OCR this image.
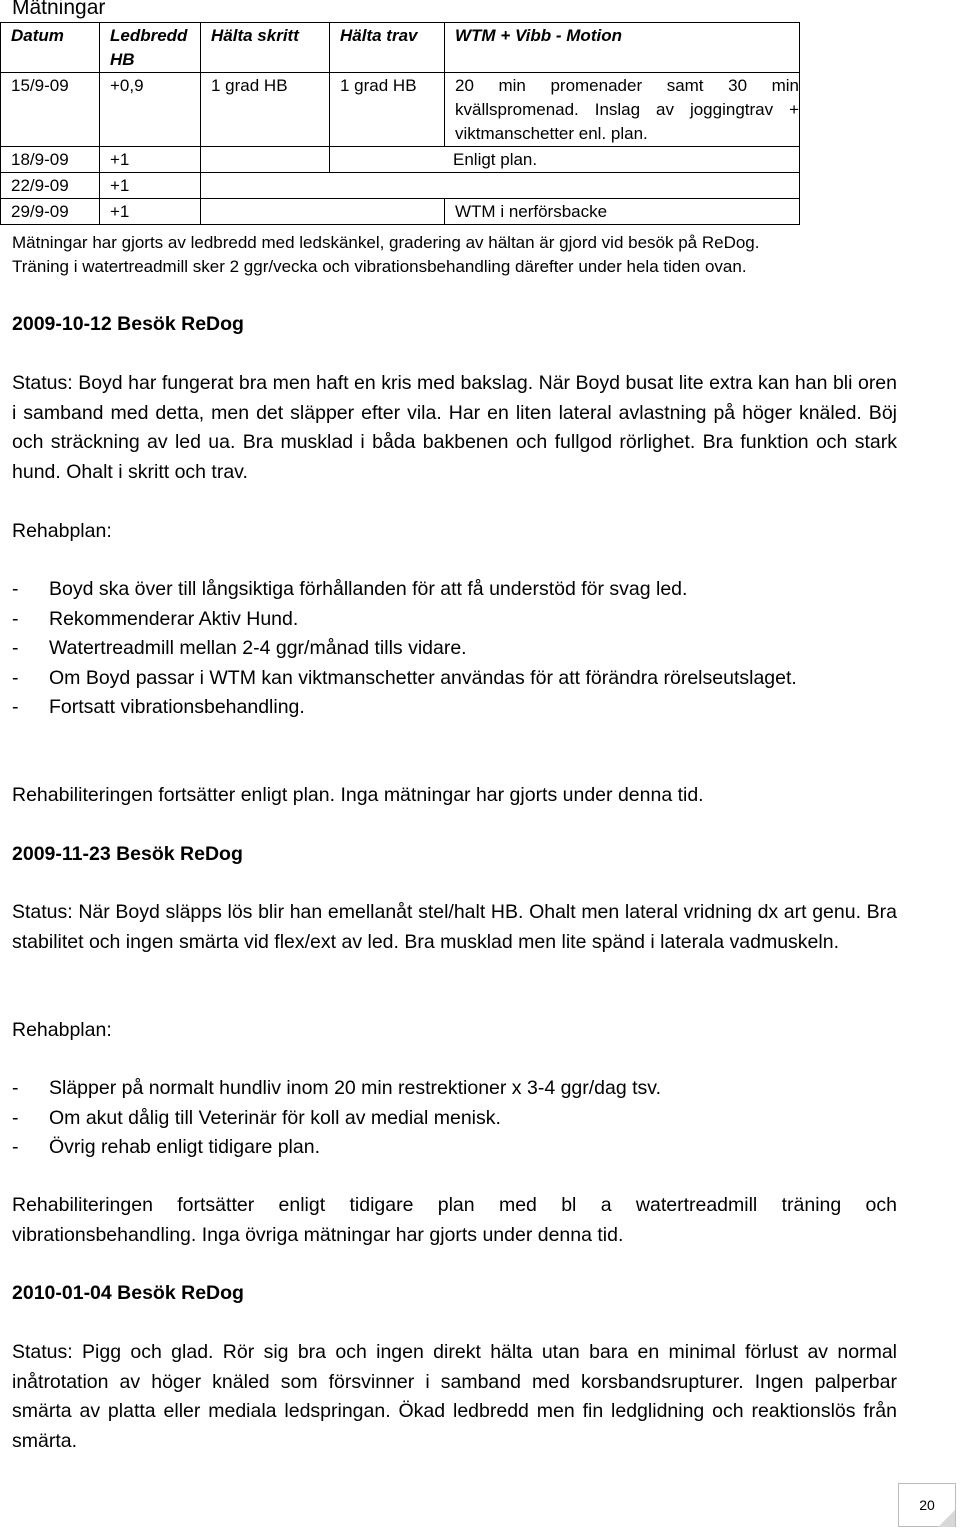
Mätningar
Datum	Ledbredd HB	Hälta skritt	Hälta trav	WTM + Vibb - Motion
15/9-09	+0,9	1 grad HB	1 grad HB	20 min promenader samt 30 min kvällspromenad. Inslag av joggingtrav + viktmanschetter enl. plan.
18/9-09	+1		Enligt plan.	
22/9-09	+1			
29/9-09	+1			WTM i nerförsbacke
Mätningar har gjorts av ledbredd med ledskänkel, gradering av hältan är gjord vid besök på ReDog.
Träning i watertreadmill sker 2 ggr/vecka och vibrationsbehandling därefter under hela tiden ovan.
2009-10-12 Besök ReDog

Status: Boyd har fungerat bra men haft en kris med bakslag. När Boyd busat lite extra kan han bli oren i samband med detta, men det släpper efter vila. Har en liten lateral avlastning på höger knäled. Böj och sträckning av led ua. Bra musklad i båda bakbenen och fullgod rörlighet. Bra funktion och stark hund. Ohalt i skritt och trav.

Rehabplan:
- Boyd ska över till långsiktiga förhållanden för att få understöd för svag led.
- Rekommenderar Aktiv Hund.
- Watertreadmill mellan 2-4 ggr/månad tills vidare.
- Om Boyd passar i WTM kan viktmanschetter användas för att förändra rörelseutslaget.
- Fortsatt vibrationsbehandling.
Rehabiliteringen fortsätter enligt plan. Inga mätningar har gjorts under denna tid.
2009-11-23 Besök ReDog

Status: När Boyd släpps lös blir han emellanåt stel/halt HB. Ohalt men lateral vridning dx art genu. Bra stabilitet och ingen smärta vid flex/ext av led. Bra musklad men lite spänd i laterala vadmuskeln.

Rehabplan:
- Släpper på normalt hundliv inom 20 min restrektioner x 3-4 ggr/dag tsv.
- Om akut dålig till Veterinär för koll av medial menisk.
- Övrig rehab enligt tidigare plan.

Rehabiliteringen fortsätter enligt tidigare plan med bl a watertreadmill träning och vibrationsbehandling. Inga övriga mätningar har gjorts under denna tid.

2010-01-04 Besök ReDog

Status: Pigg och glad. Rör sig bra och ingen direkt hälta utan bara en minimal förlust av normal inåtrotation av höger knäled som försvinner i samband med korsbandsrupturer. Ingen palperbar smärta av platta eller mediala ledspringan. Ökad ledbredd men fin ledglidning och reaktionslös från smärta.

20
